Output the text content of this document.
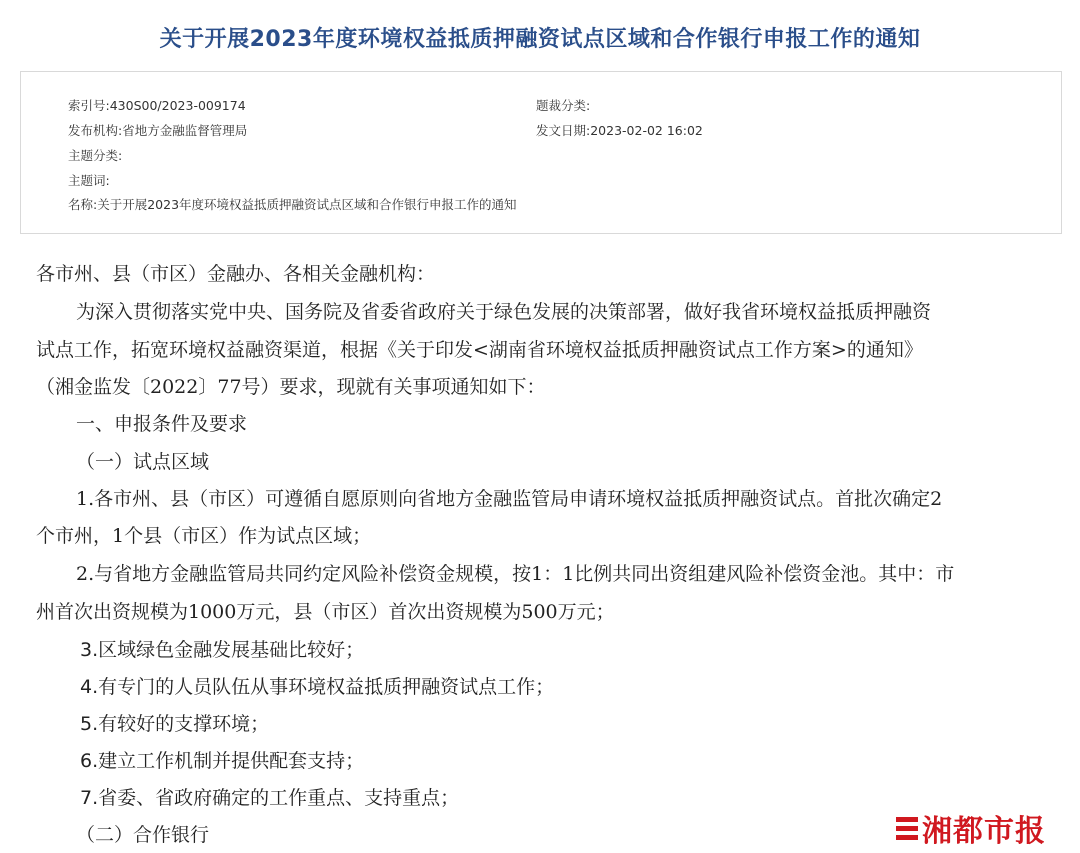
关于开展2023年度环境权益抵质押融资试点区域和合作银行申报工作的通知
索引号:430S00/2023-009174	题裁分类:
发布机构:省地方金融监督管理局	发文日期:2023-02-02 16:02
主题分类:
主题词:
名称:关于开展2023年度环境权益抵质押融资试点区域和合作银行申报工作的通知
各市州、县（市区）金融办、各相关金融机构：
为深入贯彻落实党中央、国务院及省委省政府关于绿色发展的决策部署，做好我省环境权益抵质押融资
试点工作，拓宽环境权益融资渠道，根据《关于印发<湖南省环境权益抵质押融资试点工作方案>的通知》
（湘金监发〔2022〕77号）要求，现就有关事项通知如下：
一、申报条件及要求
（一）试点区域
1.各市州、县（市区）可遵循自愿原则向省地方金融监管局申请环境权益抵质押融资试点。首批次确定2
个市州，1个县（市区）作为试点区域；
2.与省地方金融监管局共同约定风险补偿资金规模，按1：1比例共同出资组建风险补偿资金池。其中：市
州首次出资规模为1000万元，县（市区）首次出资规模为500万元；
3.区域绿色金融发展基础比较好；
4.有专门的人员队伍从事环境权益抵质押融资试点工作；
5.有较好的支撑环境；
6.建立工作机制并提供配套支持；
7.省委、省政府确定的工作重点、支持重点；
（二）合作银行	湘都市报
